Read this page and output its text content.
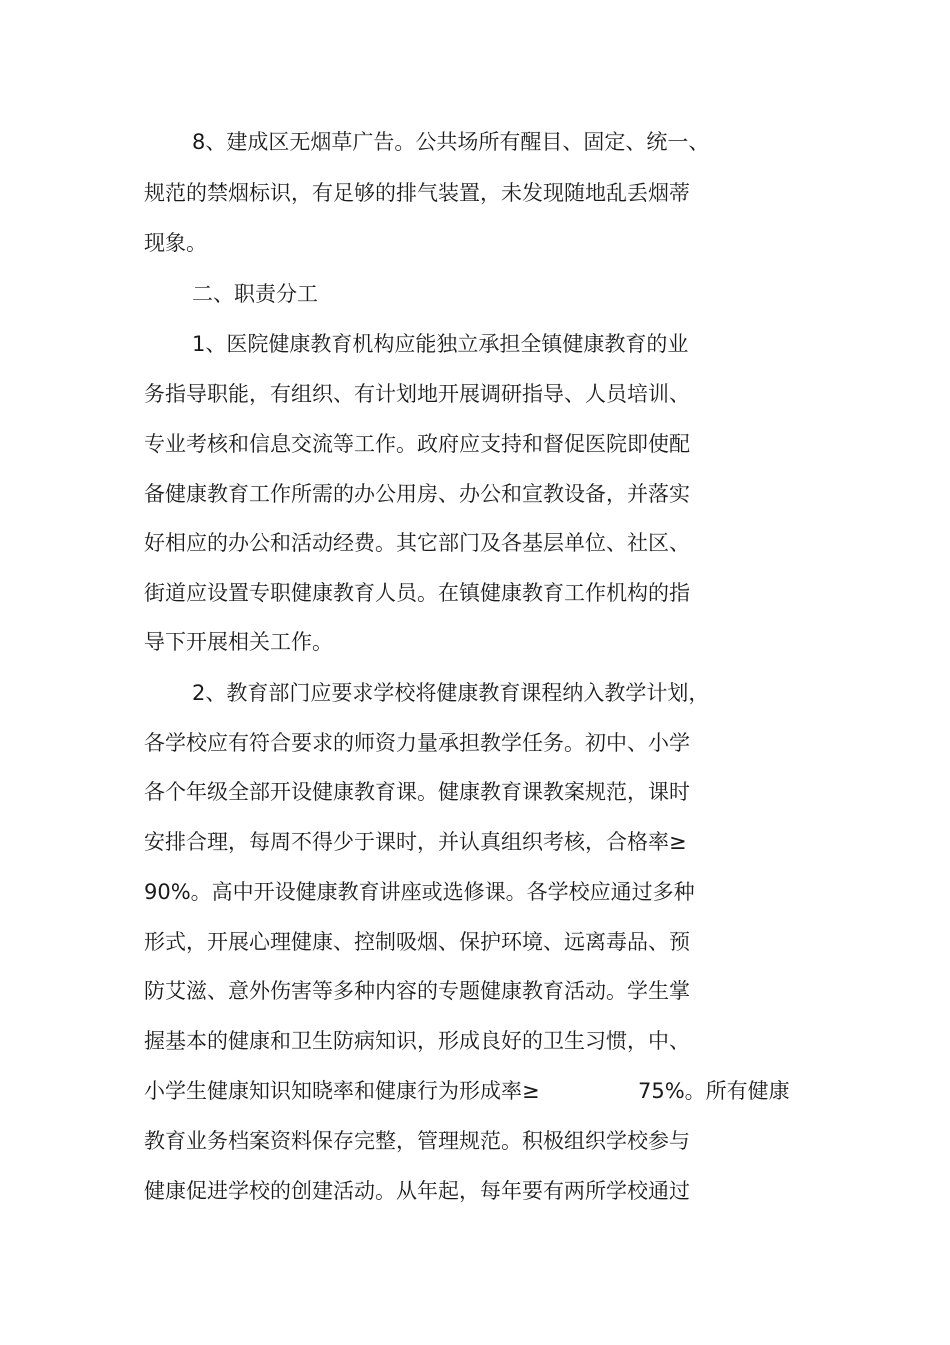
8、建成区无烟草广告。公共场所有醒目、固定、统一、

规范的禁烟标识，有足够的排气装置，未发现随地乱丢烟蒂

现象。

二、职责分工

1、医院健康教育机构应能独立承担全镇健康教育的业

务指导职能，有组织、有计划地开展调研指导、人员培训、

专业考核和信息交流等工作。政府应支持和督促医院即使配

备健康教育工作所需的办公用房、办公和宣教设备，并落实

好相应的办公和活动经费。其它部门及各基层单位、社区、

街道应设置专职健康教育人员。在镇健康教育工作机构的指

导下开展相关工作。

2、教育部门应要求学校将健康教育课程纳入教学计划，

各学校应有符合要求的师资力量承担教学任务。初中、小学

各个年级全部开设健康教育课。健康教育课教案规范，课时

安排合理，每周不得少于课时，并认真组织考核，合格率≥

90%。高中开设健康教育讲座或选修课。各学校应通过多种

形式，开展心理健康、控制吸烟、保护环境、远离毒品、预

防艾滋、意外伤害等多种内容的专题健康教育活动。学生掌

握基本的健康和卫生防病知识，形成良好的卫生习惯，中、

小学生健康知识知晓率和健康行为形成率≥	75%。所有健康

教育业务档案资料保存完整，管理规范。积极组织学校参与

健康促进学校的创建活动。从年起，每年要有两所学校通过
